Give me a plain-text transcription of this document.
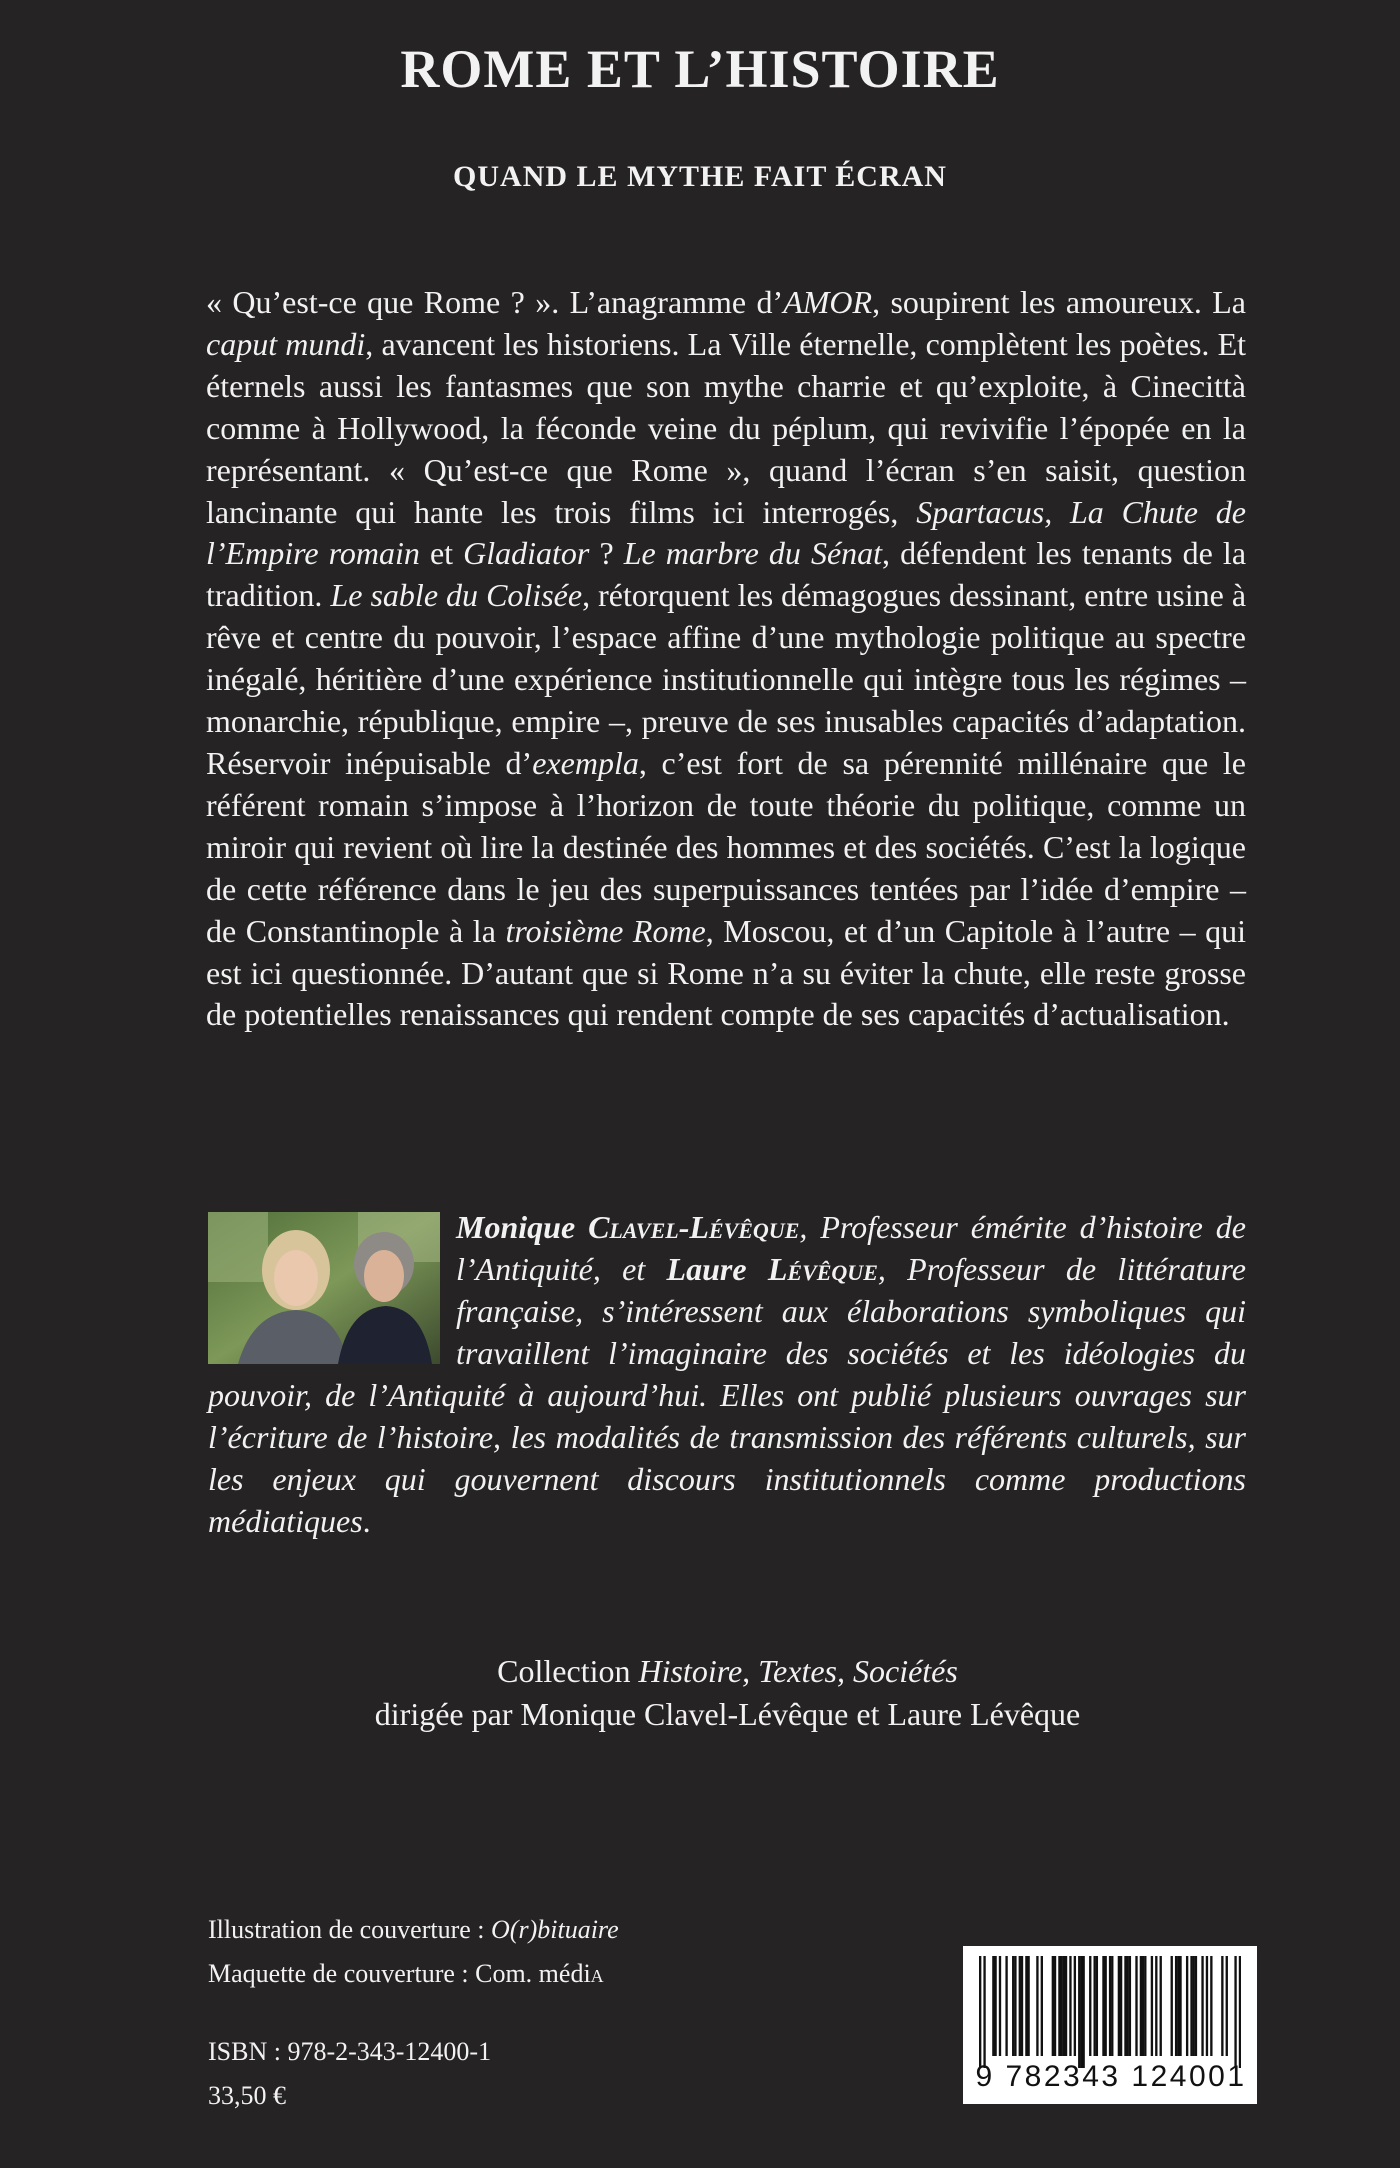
ROME ET L’HISTOIRE
QUAND LE MYTHE FAIT ÉCRAN

« Qu’est-ce que Rome ? ». L’anagramme d’AMOR, soupirent les amoureux. La caput mundi, avancent les historiens. La Ville éternelle, complètent les poètes. Et éternels aussi les fantasmes que son mythe charrie et qu’exploite, à Cinecittà comme à Hollywood, la féconde veine du péplum, qui revivifie l’épopée en la représentant. « Qu’est-ce que Rome », quand l’écran s’en saisit, question lancinante qui hante les trois films ici interrogés, Spartacus, La Chute de l’Empire romain et Gladiator ? Le marbre du Sénat, défendent les tenants de la tradition. Le sable du Colisée, rétorquent les démagogues dessinant, entre usine à rêve et centre du pouvoir, l’espace affine d’une mythologie politique au spectre inégalé, héritière d’une expérience institutionnelle qui intègre tous les régimes – monarchie, république, empire –, preuve de ses inusables capacités d’adaptation. Réservoir inépuisable d’exempla, c’est fort de sa pérennité millénaire que le référent romain s’impose à l’horizon de toute théorie du politique, comme un miroir qui revient où lire la destinée des hommes et des sociétés. C’est la logique de cette référence dans le jeu des superpuissances tentées par l’idée d’empire – de Constantinople à la troisième Rome, Moscou, et d’un Capitole à l’autre – qui est ici questionnée. D’autant que si Rome n’a su éviter la chute, elle reste grosse de potentielles renaissances qui rendent compte de ses capacités d’actualisation.

Monique Clavel-Lévêque, Professeur émérite d’histoire de l’Antiquité, et Laure Lévêque, Professeur de littérature française, s’intéressent aux élaborations symboliques qui travaillent l’imaginaire des sociétés et les idéologies du pouvoir, de l’Antiquité à aujourd’hui. Elles ont publié plusieurs ouvrages sur l’écriture de l’histoire, les modalités de transmission des référents culturels, sur les enjeux qui gouvernent discours institutionnels comme productions médiatiques.

Collection Histoire, Textes, Sociétés
dirigée par Monique Clavel-Lévêque et Laure Lévêque

Illustration de couverture : O(r)bituaire
Maquette de couverture : Com. médiA

ISBN : 978-2-343-12400-1
33,50 €

9 782343 124001
